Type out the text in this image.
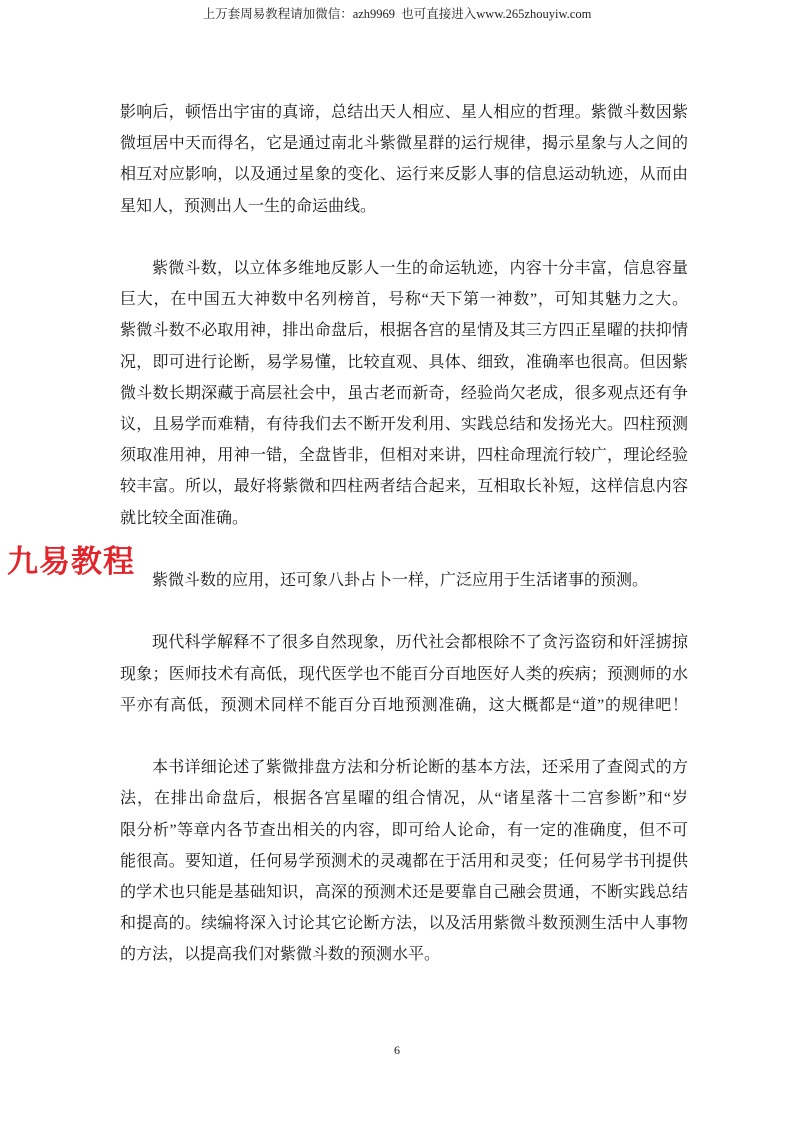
上万套周易教程请加微信：azh9969  也可直接进入www.265zhouyiw.com
影响后，顿悟出宇宙的真谛，总结出天人相应、星人相应的哲理。紫微斗数因紫
微垣居中天而得名，它是通过南北斗紫微星群的运行规律，揭示星象与人之间的
相互对应影响，以及通过星象的变化、运行来反影人事的信息运动轨迹，从而由
星知人，预测出人一生的命运曲线。
紫微斗数，以立体多维地反影人一生的命运轨迹，内容十分丰富，信息容量
巨大，在中国五大神数中名列榜首，号称“天下第一神数”，可知其魅力之大。
紫微斗数不必取用神，排出命盘后，根据各宫的星情及其三方四正星曜的扶抑情
况，即可进行论断，易学易懂，比较直观、具体、细致，准确率也很高。但因紫
微斗数长期深藏于高层社会中，虽古老而新奇，经验尚欠老成，很多观点还有争
议，且易学而难精，有待我们去不断开发利用、实践总结和发扬光大。四柱预测
须取准用神，用神一错，全盘皆非，但相对来讲，四柱命理流行较广，理论经验
较丰富。所以，最好将紫微和四柱两者结合起来，互相取长补短，这样信息内容
就比较全面准确。
紫微斗数的应用，还可象八卦占卜一样，广泛应用于生活诸事的预测。
现代科学解释不了很多自然现象，历代社会都根除不了贪污盗窃和奸淫掳掠
现象；医师技术有高低，现代医学也不能百分百地医好人类的疾病；预测师的水
平亦有高低，预测术同样不能百分百地预测准确，这大概都是“道”的规律吧！
本书详细论述了紫微排盘方法和分析论断的基本方法，还采用了查阅式的方
法，在排出命盘后，根据各宫星曜的组合情况，从“诸星落十二宫参断”和“岁
限分析”等章内各节查出相关的内容，即可给人论命，有一定的准确度，但不可
能很高。要知道，任何易学预测术的灵魂都在于活用和灵变；任何易学书刊提供
的学术也只能是基础知识，高深的预测术还是要靠自己融会贯通，不断实践总结
和提高的。续编将深入讨论其它论断方法，以及活用紫微斗数预测生活中人事物
的方法，以提高我们对紫微斗数的预测水平。
九易教程
6
